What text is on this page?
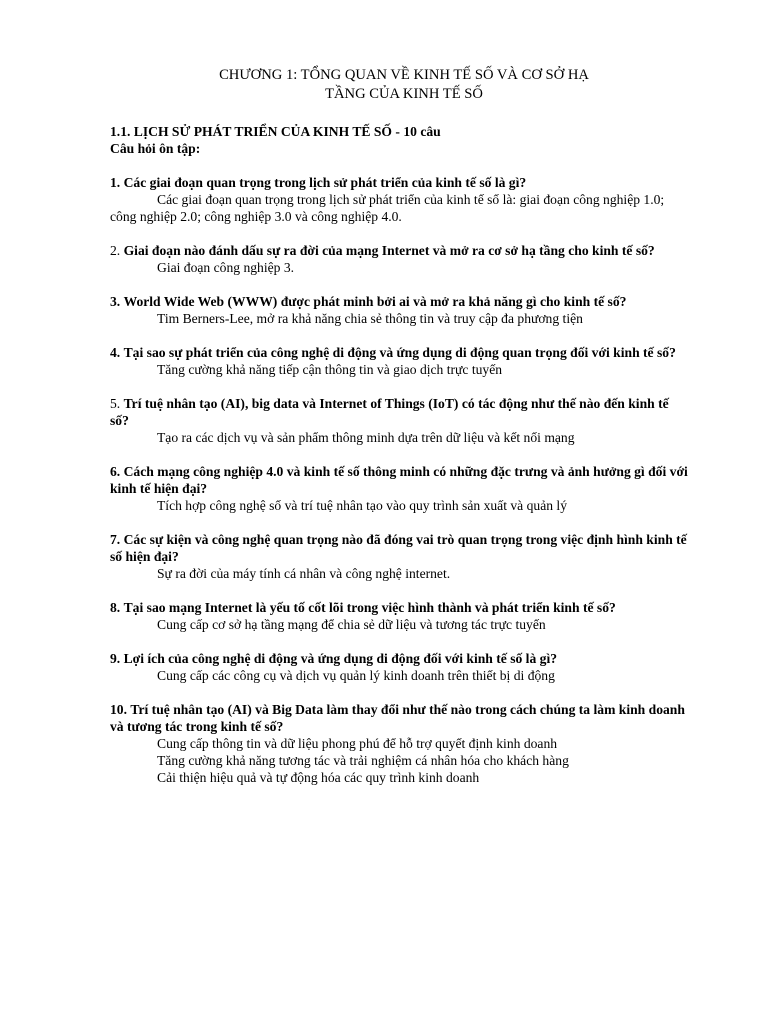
CHƯƠNG 1: TỔNG QUAN VỀ KINH TẾ SỐ VÀ CƠ SỞ HẠ
TẦNG CỦA KINH TẾ SỐ
1.1. LỊCH SỬ PHÁT TRIỂN CỦA KINH TẾ SỐ - 10 câu
Câu hỏi ôn tập:
1. Các giai đoạn quan trọng trong lịch sử phát triển của kinh tế số là gì?
Các giai đoạn quan trọng trong lịch sử phát triển của kinh tế số là: giai đoạn công nghiệp 1.0; công nghiệp 2.0; công nghiệp 3.0 và công nghiệp 4.0.
2. Giai đoạn nào đánh dấu sự ra đời của mạng Internet và mở ra cơ sở hạ tầng cho kinh tế số?
Giai đoạn công nghiệp 3.
3. World Wide Web (WWW) được phát minh bởi ai và mở ra khả năng gì cho kinh tế số?
Tim Berners-Lee, mở ra khả năng chia sẻ thông tin và truy cập đa phương tiện
4. Tại sao sự phát triển của công nghệ di động và ứng dụng di động quan trọng đối với kinh tế số?
Tăng cường khả năng tiếp cận thông tin và giao dịch trực tuyến
5. Trí tuệ nhân tạo (AI), big data và Internet of Things (IoT) có tác động như thế nào đến kinh tế số?
Tạo ra các dịch vụ và sản phẩm thông minh dựa trên dữ liệu và kết nối mạng
6. Cách mạng công nghiệp 4.0 và kinh tế số thông minh có những đặc trưng và ảnh hưởng gì đối với kinh tế hiện đại?
Tích hợp công nghệ số và trí tuệ nhân tạo vào quy trình sản xuất và quản lý
7. Các sự kiện và công nghệ quan trọng nào đã đóng vai trò quan trọng trong việc định hình kinh tế số hiện đại?
Sự ra đời của máy tính cá nhân và công nghệ internet.
8. Tại sao mạng Internet là yếu tố cốt lõi trong việc hình thành và phát triển kinh tế số?
Cung cấp cơ sở hạ tầng mạng để chia sẻ dữ liệu và tương tác trực tuyến
9. Lợi ích của công nghệ di động và ứng dụng di động đối với kinh tế số là gì?
Cung cấp các công cụ và dịch vụ quản lý kinh doanh trên thiết bị di động
10. Trí tuệ nhân tạo (AI) và Big Data làm thay đổi như thế nào trong cách chúng ta làm kinh doanh và tương tác trong kinh tế số?
Cung cấp thông tin và dữ liệu phong phú để hỗ trợ quyết định kinh doanh
Tăng cường khả năng tương tác và trải nghiệm cá nhân hóa cho khách hàng
Cải thiện hiệu quả và tự động hóa các quy trình kinh doanh
